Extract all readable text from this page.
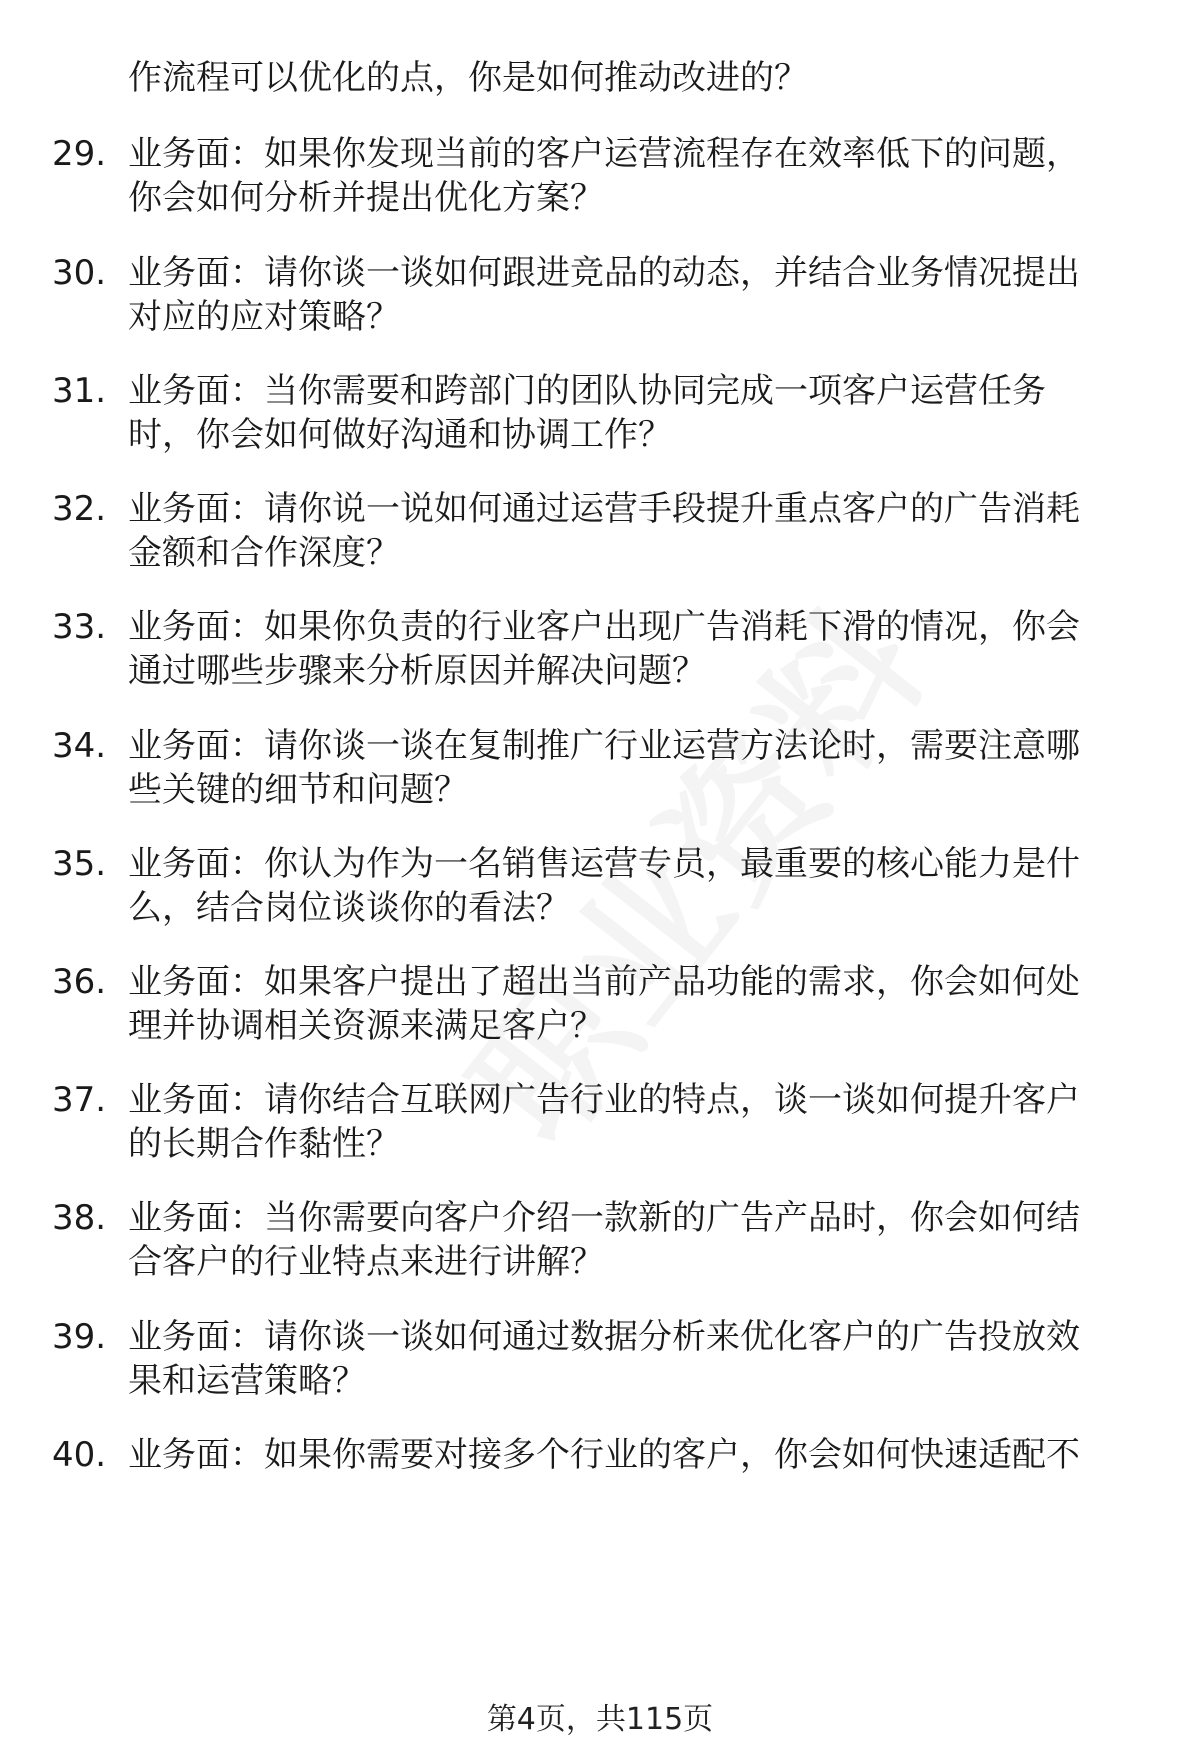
作流程可以优化的点，你是如何推动改进的？
29. 业务面：如果你发现当前的客户运营流程存在效率低下的问题，
你会如何分析并提出优化方案？
30. 业务面：请你谈一谈如何跟进竞品的动态，并结合业务情况提出
对应的应对策略？
31. 业务面：当你需要和跨部门的团队协同完成一项客户运营任务
时，你会如何做好沟通和协调工作？
32. 业务面：请你说一说如何通过运营手段提升重点客户的广告消耗
金额和合作深度？
33. 业务面：如果你负责的行业客户出现广告消耗下滑的情况，你会
通过哪些步骤来分析原因并解决问题？
34. 业务面：请你谈一谈在复制推广行业运营方法论时，需要注意哪
些关键的细节和问题？
35. 业务面：你认为作为一名销售运营专员，最重要的核心能力是什
么，结合岗位谈谈你的看法？
36. 业务面：如果客户提出了超出当前产品功能的需求，你会如何处
理并协调相关资源来满足客户？
37. 业务面：请你结合互联网广告行业的特点，谈一谈如何提升客户
的长期合作黏性？
38. 业务面：当你需要向客户介绍一款新的广告产品时，你会如何结
合客户的行业特点来进行讲解？
39. 业务面：请你谈一谈如何通过数据分析来优化客户的广告投放效
果和运营策略？
40. 业务面：如果你需要对接多个行业的客户，你会如何快速适配不
第4页，共115页
